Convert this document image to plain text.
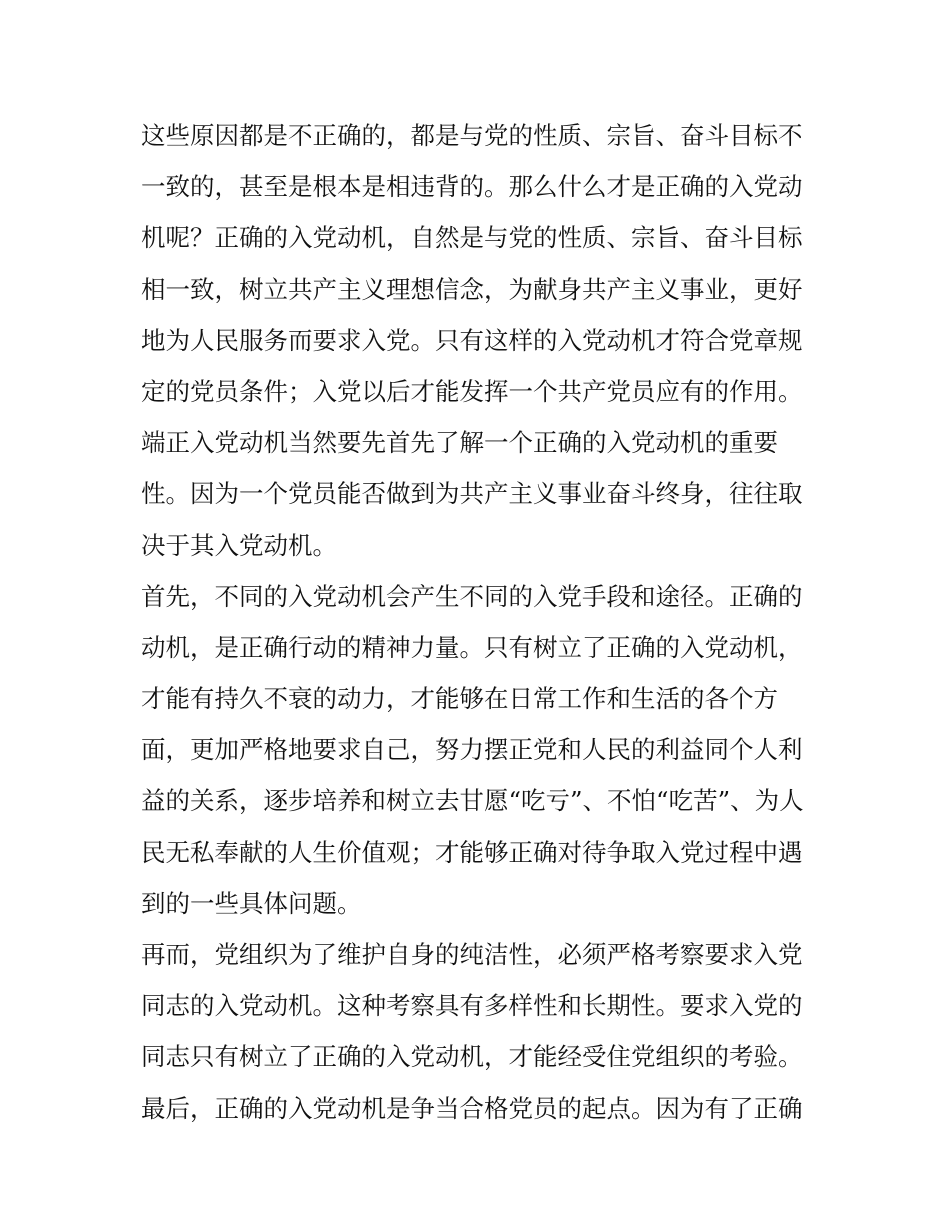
这些原因都是不正确的，都是与党的性质、宗旨、奋斗目标不
一致的，甚至是根本是相违背的。那么什么才是正确的入党动
机呢？正确的入党动机，自然是与党的性质、宗旨、奋斗目标
相一致，树立共产主义理想信念，为献身共产主义事业，更好
地为人民服务而要求入党。只有这样的入党动机才符合党章规
定的党员条件；入党以后才能发挥一个共产党员应有的作用。
端正入党动机当然要先首先了解一个正确的入党动机的重要
性。因为一个党员能否做到为共产主义事业奋斗终身，往往取
决于其入党动机。
首先，不同的入党动机会产生不同的入党手段和途径。正确的
动机，是正确行动的精神力量。只有树立了正确的入党动机，
才能有持久不衰的动力，才能够在日常工作和生活的各个方
面，更加严格地要求自己，努力摆正党和人民的利益同个人利
益的关系，逐步培养和树立去甘愿“吃亏”、不怕“吃苦”、为人
民无私奉献的人生价值观；才能够正确对待争取入党过程中遇
到的一些具体问题。
再而，党组织为了维护自身的纯洁性，必须严格考察要求入党
同志的入党动机。这种考察具有多样性和长期性。要求入党的
同志只有树立了正确的入党动机，才能经受住党组织的考验。
最后，正确的入党动机是争当合格党员的起点。因为有了正确
